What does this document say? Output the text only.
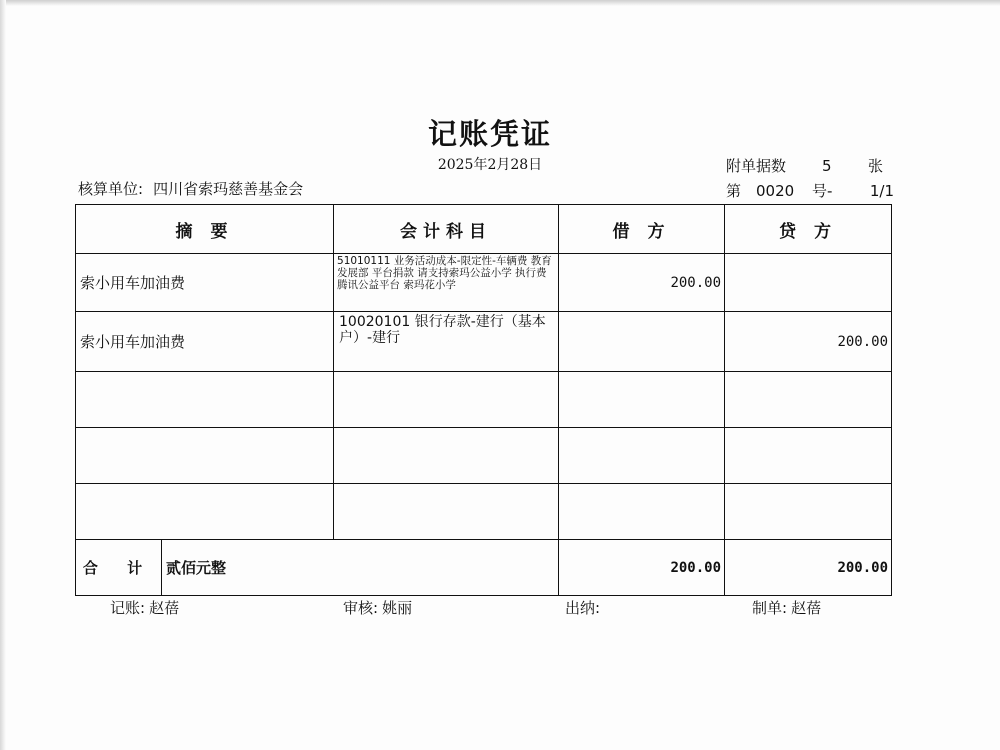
记账凭证
2025年2月28日	附单据数 5 张
核算单位: 四川省索玛慈善基金会	第 0020 号- 1/1
摘 要		会计科目	借 方	贷 方
索小用车加油费		51010111 业务活动成本-限定性-车辆费 教育发展部 平台捐款 请支持索玛公益小学 执行费 腾讯公益平台 索玛花小学	200.00	
索小用车加油费		10020101 银行存款-建行（基本户）-建行		200.00

合 计	贰佰元整		200.00	200.00
记账: 赵蓓	审核: 姚丽	出纳:	制单: 赵蓓
